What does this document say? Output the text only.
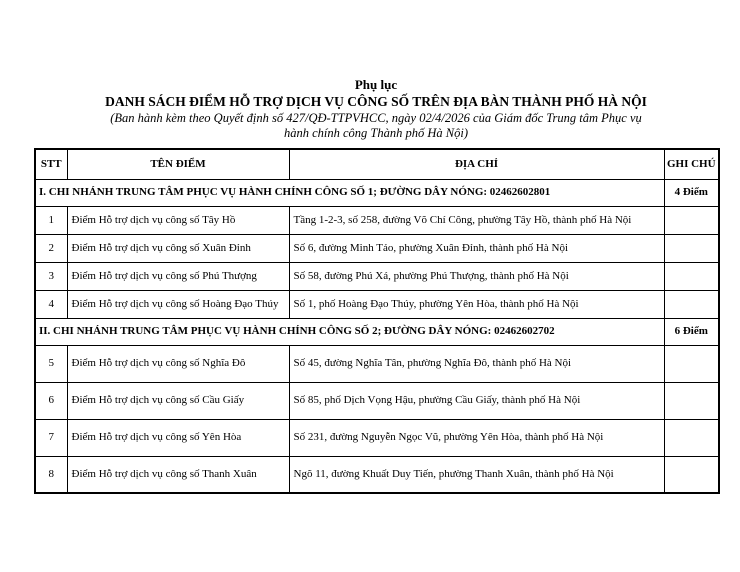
Phụ lục
DANH SÁCH ĐIỂM HỖ TRỢ DỊCH VỤ CÔNG SỐ TRÊN ĐỊA BÀN THÀNH PHỐ HÀ NỘI
(Ban hành kèm theo Quyết định số 427/QĐ-TTPVHCC, ngày 02/4/2026 của Giám đốc Trung tâm Phục vụ hành chính công Thành phố Hà Nội)
STT	TÊN ĐIỂM	ĐỊA CHỈ	GHI CHÚ
I. CHI NHÁNH TRUNG TÂM PHỤC VỤ HÀNH CHÍNH CÔNG SỐ 1; ĐƯỜNG DÂY NÓNG: 02462602801			4 Điểm
1	Điểm Hỗ trợ dịch vụ công số Tây Hồ	Tầng 1-2-3, số 258, đường Võ Chí Công, phường Tây Hồ, thành phố Hà Nội	
2	Điểm Hỗ trợ dịch vụ công số Xuân Đỉnh	Số 6, đường Minh Tảo, phường Xuân Đỉnh, thành phố Hà Nội	
3	Điểm Hỗ trợ dịch vụ công số Phú Thượng	Số 58, đường Phú Xá, phường Phú Thượng, thành phố Hà Nội	
4	Điểm Hỗ trợ dịch vụ công số Hoàng Đạo Thúy	Số 1, phố Hoàng Đạo Thúy, phường Yên Hòa, thành phố Hà Nội	
II. CHI NHÁNH TRUNG TÂM PHỤC VỤ HÀNH CHÍNH CÔNG SỐ 2; ĐƯỜNG DÂY NÓNG: 02462602702			6 Điểm
5	Điểm Hỗ trợ dịch vụ công số Nghĩa Đô	Số 45, đường Nghĩa Tân, phường Nghĩa Đô, thành phố Hà Nội	
6	Điểm Hỗ trợ dịch vụ công số Cầu Giấy	Số 85, phố Dịch Vọng Hậu, phường Cầu Giấy, thành phố Hà Nội	
7	Điểm Hỗ trợ dịch vụ công số Yên Hòa	Số 231, đường Nguyễn Ngọc Vũ, phường Yên Hòa, thành phố Hà Nội	
8	Điểm Hỗ trợ dịch vụ công số Thanh Xuân	Ngõ 11, đường Khuất Duy Tiến, phường Thanh Xuân, thành phố Hà Nội	
